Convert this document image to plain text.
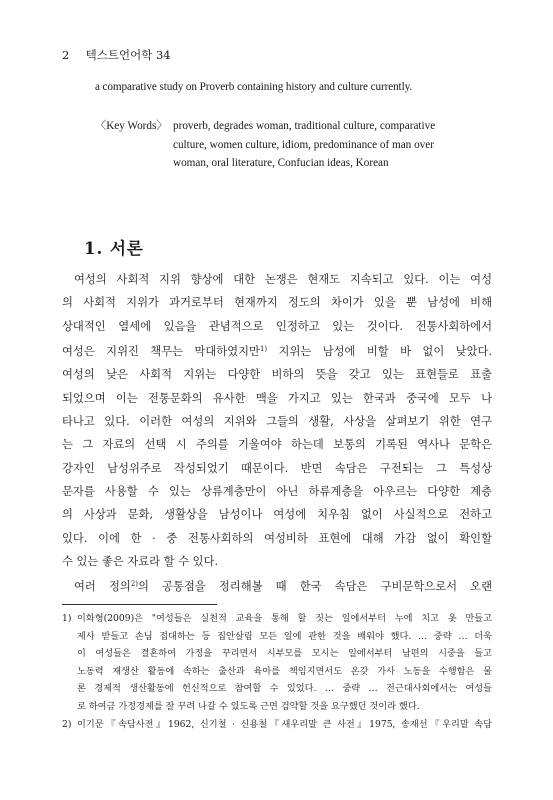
2 텍스트언어학 34
a comparative study on Proverb containing history and culture currently.
〈Key Words〉 proverb, degrades woman, traditional culture, comparative
culture, women culture, idiom, predominance of man over
woman, oral literature, Confucian ideas, Korean
1. 서론
여성의 사회적 지위 향상에 대한 논쟁은 현재도 지속되고 있다. 이는 여성
의 사회적 지위가 과거로부터 현재까지 정도의 차이가 있을 뿐 남성에 비해
상대적인 열세에 있음을 관념적으로 인정하고 있는 것이다. 전통사회하에서
여성은 지위진 책무는 막대하였지만$^{1)}$ 지위는 남성에 비할 바 없이 낮았다.
여성의 낮은 사회적 지위는 다양한 비하의 뜻을 갖고 있는 표현들로 표출
되었으며 이는 전통문화의 유사한 맥을 가지고 있는 한국과 중국에 모두 나
타나고 있다. 이러한 여성의 지위와 그들의 생활, 사상을 살펴보기 위한 연구
는 그 자료의 선택 시 주의를 기울여야 하는데 보통의 기록된 역사나 문학은
강자인 남성위주로 작성되었기 때문이다. 반면 속담은 구전되는 그 특성상
문자를 사용할 수 있는 상류계층만이 아닌 하류계층을 아우르는 다양한 계층
의 사상과 문화, 생활상을 남성이나 여성에 치우침 없이 사실적으로 전하고
있다. 이에 한 · 중 전통사회하의 여성비하 표현에 대해 가감 없이 확인할
수 있는 좋은 자료라 할 수 있다.
여러 정의$^{2)}$의 공통점을 정리해볼 때 한국 속담은 구비문학으로서 오랜
1) 이화형(2009)은 "여성들은 실천적 교육을 통해 할 짓는 일에서부터 누에 치고 옷 만들고
제사 받들고 손님 접대하는 등 집안살림 모든 일에 관한 것을 배워야 했다. … 중략 … 더욱
이 여성들은 결혼하여 가정을 꾸리면서 시부모를 모시는 일에서부터 남편의 시중을 들고
노동력 재생산 활동에 속하는 출산과 육아를 책임지면서도 온갖 가사 노동을 수행함은 물
론 경제적 생산활동에 헌신적으로 참여할 수 있었다. … 중략 … 전근대사회에서는 여성들
로 하여금 가정경제를 잘 꾸려 나갈 수 있도록 근면 검약할 것을 요구했던 것이라 했다.
2) 이기문『속담사전』1962, 신기철 · 신용철『새우리말 큰 사전』1975, 송재선『우리말 속담
